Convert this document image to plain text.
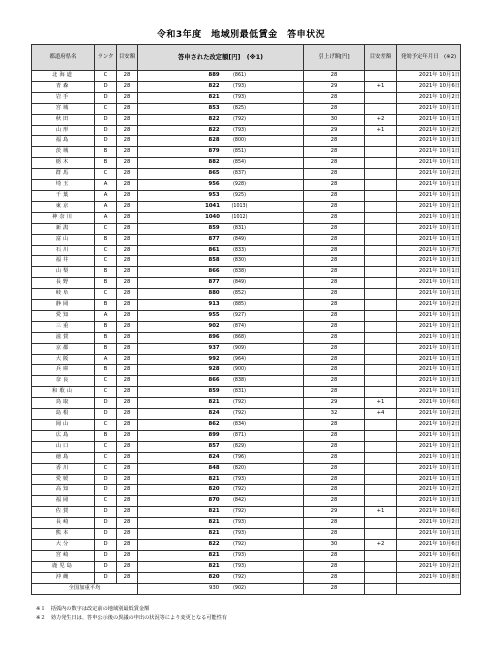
令和3年度　地域別最低賃金　答申状況
都道府県名	ランク	目安額	答申された改定額[円]　(※1)	引上げ額[円]	目安差額	発効予定年月日　(※2)
北海道	C	28	889 (861)	28		2021年 10月1日
青森	D	28	822 (793)	29	+1	2021年 10月6日
岩手	D	28	821 (793)	28		2021年 10月2日
宮城	C	28	853 (825)	28		2021年 10月1日
秋田	D	28	822 (792)	30	+2	2021年 10月1日
山形	D	28	822 (793)	29	+1	2021年 10月2日
福島	D	28	828 (800)	28		2021年 10月1日
茨城	B	28	879 (851)	28		2021年 10月1日
栃木	B	28	882 (854)	28		2021年 10月1日
群馬	C	28	865 (837)	28		2021年 10月2日
埼玉	A	28	956 (928)	28		2021年 10月1日
千葉	A	28	953 (925)	28		2021年 10月1日
東京	A	28	1041 (1013)	28		2021年 10月1日
神奈川	A	28	1040 (1012)	28		2021年 10月1日
新潟	C	28	859 (831)	28		2021年 10月1日
富山	B	28	877 (849)	28		2021年 10月1日
石川	C	28	861 (833)	28		2021年 10月7日
福井	C	28	858 (830)	28		2021年 10月1日
山梨	B	28	866 (838)	28		2021年 10月1日
長野	B	28	877 (849)	28		2021年 10月1日
岐阜	C	28	880 (852)	28		2021年 10月1日
静岡	B	28	913 (885)	28		2021年 10月2日
愛知	A	28	955 (927)	28		2021年 10月1日
三重	B	28	902 (874)	28		2021年 10月1日
滋賀	B	28	896 (868)	28		2021年 10月1日
京都	B	28	937 (909)	28		2021年 10月1日
大阪	A	28	992 (964)	28		2021年 10月1日
兵庫	B	28	928 (900)	28		2021年 10月1日
奈良	C	28	866 (838)	28		2021年 10月1日
和歌山	C	28	859 (831)	28		2021年 10月1日
鳥取	D	28	821 (792)	29	+1	2021年 10月6日
島根	D	28	824 (792)	32	+4	2021年 10月2日
岡山	C	28	862 (834)	28		2021年 10月2日
広島	B	28	899 (871)	28		2021年 10月1日
山口	C	28	857 (829)	28		2021年 10月1日
徳島	C	28	824 (796)	28		2021年 10月1日
香川	C	28	848 (820)	28		2021年 10月1日
愛媛	D	28	821 (793)	28		2021年 10月1日
高知	D	28	820 (792)	28		2021年 10月2日
福岡	C	28	870 (842)	28		2021年 10月1日
佐賀	D	28	821 (792)	29	+1	2021年 10月6日
長崎	D	28	821 (793)	28		2021年 10月2日
熊本	D	28	821 (793)	28		2021年 10月1日
大分	D	28	822 (792)	30	+2	2021年 10月6日
宮崎	D	28	821 (793)	28		2021年 10月6日
鹿児島	D	28	821 (793)	28		2021年 10月2日
沖縄	D	28	820 (792)	28		2021年 10月8日
全国加重平均			930 (902)	28		
※１　括弧内の数字は改定前の地域別最低賃金額
※２　効力発生日は、答申公示後の異議の申出の状況等により変更となる可能性有
